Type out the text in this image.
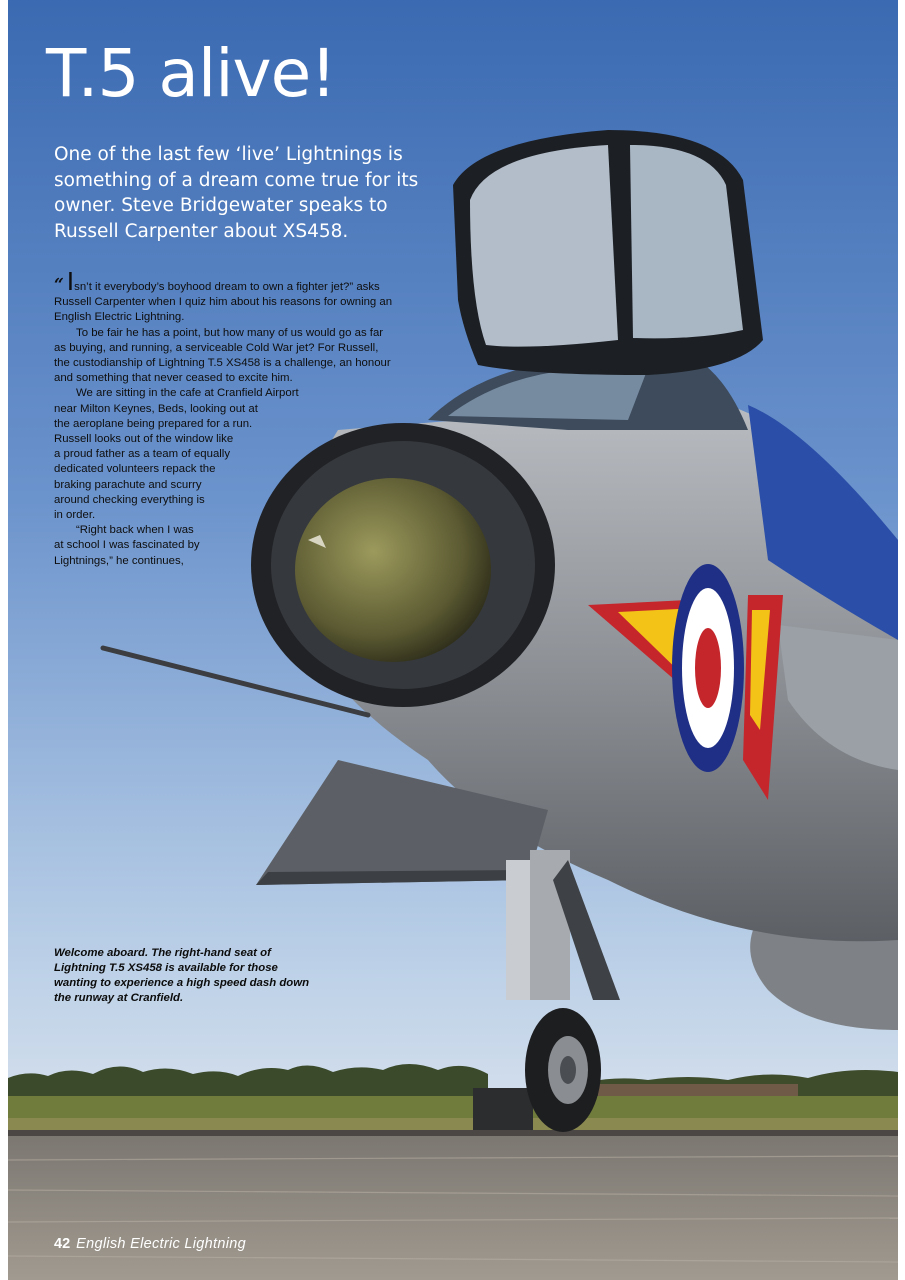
T.5 alive!

One of the last few ‘live’ Lightnings is something of a dream come true for its owner. Steve Bridgewater speaks to Russell Carpenter about XS458.

“ Isn’t it everybody’s boyhood dream to own a fighter jet?” asks Russell Carpenter when I quiz him about his reasons for owning an English Electric Lightning.

To be fair he has a point, but how many of us would go as far as buying, and running, a serviceable Cold War jet? For Russell, the custodianship of Lightning T.5 XS458 is a challenge, an honour and something that never ceased to excite him.

We are sitting in the cafe at Cranfield Airport
near Milton Keynes, Beds, looking out at
the aeroplane being prepared for a run.
Russell looks out of the window like
a proud father as a team of equally
dedicated volunteers repack the
braking parachute and scurry
around checking everything is
in order.

“Right back when I was
at school I was fascinated by
Lightnings,” he continues,

Welcome aboard. The right-hand seat of Lightning T.5 XS458 is available for those wanting to experience a high speed dash down the runway at Cranfield.

42 English Electric Lightning
